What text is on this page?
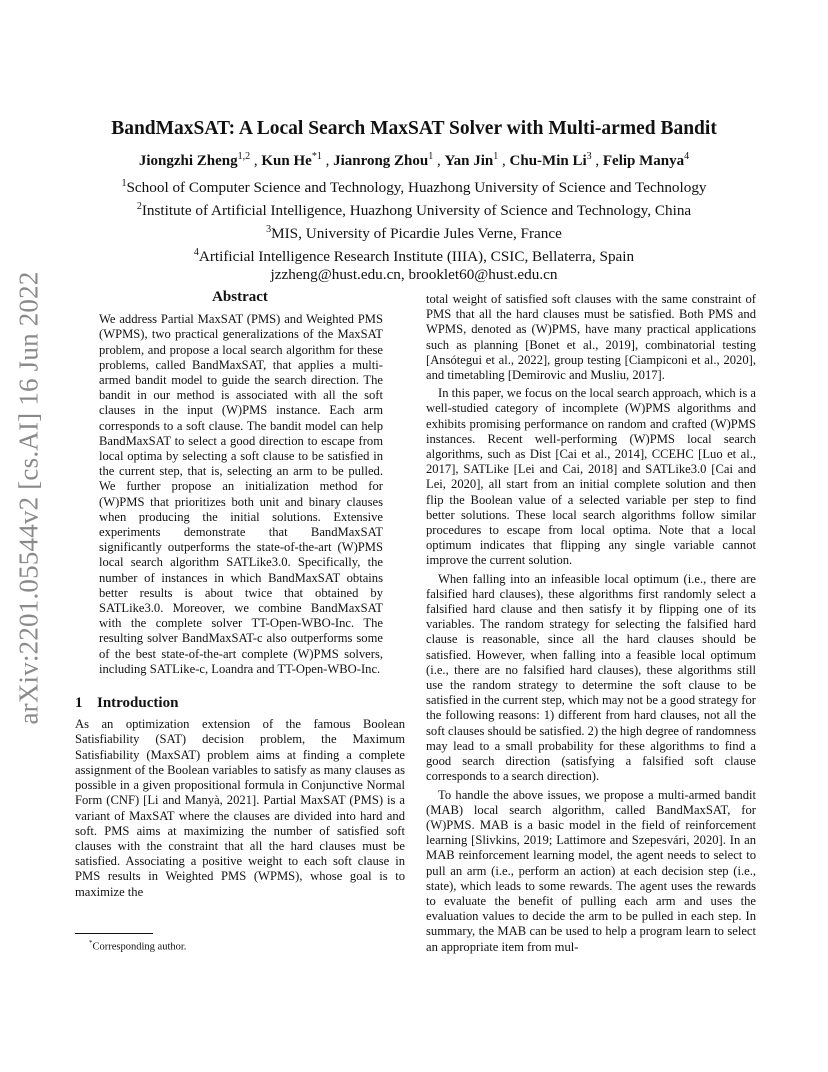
arXiv:2201.05544v2 [cs.AI] 16 Jun 2022
BandMaxSAT: A Local Search MaxSAT Solver with Multi-armed Bandit
Jiongzhi Zheng$^{1,2}$ , Kun He$^{*1}$ , Jianrong Zhou$^1$ , Yan Jin$^1$ , Chu-Min Li$^3$ , Felip Manya$^4$
$^1$School of Computer Science and Technology, Huazhong University of Science and Technology
$^2$Institute of Artificial Intelligence, Huazhong University of Science and Technology, China
$^3$MIS, University of Picardie Jules Verne, France
$^4$Artificial Intelligence Research Institute (IIIA), CSIC, Bellaterra, Spain
jzzheng@hust.edu.cn, brooklet60@hust.edu.cn
Abstract

We address Partial MaxSAT (PMS) and Weighted PMS (WPMS), two practical generalizations of the MaxSAT problem, and propose a local search algorithm for these problems, called BandMaxSAT, that applies a multi-armed bandit model to guide the search direction. The bandit in our method is associated with all the soft clauses in the input (W)PMS instance. Each arm corresponds to a soft clause. The bandit model can help BandMaxSAT to select a good direction to escape from local optima by selecting a soft clause to be satisfied in the current step, that is, selecting an arm to be pulled. We further propose an initialization method for (W)PMS that prioritizes both unit and binary clauses when producing the initial solutions. Extensive experiments demonstrate that BandMaxSAT significantly outperforms the state-of-the-art (W)PMS local search algorithm SATLike3.0. Specifically, the number of instances in which BandMaxSAT obtains better results is about twice that obtained by SATLike3.0. Moreover, we combine BandMaxSAT with the complete solver TT-Open-WBO-Inc. The resulting solver BandMaxSAT-c also outperforms some of the best state-of-the-art complete (W)PMS solvers, including SATLike-c, Loandra and TT-Open-WBO-Inc.

1 Introduction

As an optimization extension of the famous Boolean Satisfiability (SAT) decision problem, the Maximum Satisfiability (MaxSAT) problem aims at finding a complete assignment of the Boolean variables to satisfy as many clauses as possible in a given propositional formula in Conjunctive Normal Form (CNF) [Li and Manyà, 2021]. Partial MaxSAT (PMS) is a variant of MaxSAT where the clauses are divided into hard and soft. PMS aims at maximizing the number of satisfied soft clauses with the constraint that all the hard clauses must be satisfied. Associating a positive weight to each soft clause in PMS results in Weighted PMS (WPMS), whose goal is to maximize the

total weight of satisfied soft clauses with the same constraint of PMS that all the hard clauses must be satisfied. Both PMS and WPMS, denoted as (W)PMS, have many practical applications such as planning [Bonet et al., 2019], combinatorial testing [Ansótegui et al., 2022], group testing [Ciampiconi et al., 2020], and timetabling [Demirovic and Musliu, 2017].

In this paper, we focus on the local search approach, which is a well-studied category of incomplete (W)PMS algorithms and exhibits promising performance on random and crafted (W)PMS instances. Recent well-performing (W)PMS local search algorithms, such as Dist [Cai et al., 2014], CCEHC [Luo et al., 2017], SATLike [Lei and Cai, 2018] and SATLike3.0 [Cai and Lei, 2020], all start from an initial complete solution and then flip the Boolean value of a selected variable per step to find better solutions. These local search algorithms follow similar procedures to escape from local optima. Note that a local optimum indicates that flipping any single variable cannot improve the current solution.

When falling into an infeasible local optimum (i.e., there are falsified hard clauses), these algorithms first randomly select a falsified hard clause and then satisfy it by flipping one of its variables. The random strategy for selecting the falsified hard clause is reasonable, since all the hard clauses should be satisfied. However, when falling into a feasible local optimum (i.e., there are no falsified hard clauses), these algorithms still use the random strategy to determine the soft clause to be satisfied in the current step, which may not be a good strategy for the following reasons: 1) different from hard clauses, not all the soft clauses should be satisfied. 2) the high degree of randomness may lead to a small probability for these algorithms to find a good search direction (satisfying a falsified soft clause corresponds to a search direction).

To handle the above issues, we propose a multi-armed bandit (MAB) local search algorithm, called BandMaxSAT, for (W)PMS. MAB is a basic model in the field of reinforcement learning [Slivkins, 2019; Lattimore and Szepesvári, 2020]. In an MAB reinforcement learning model, the agent needs to select to pull an arm (i.e., perform an action) at each decision step (i.e., state), which leads to some rewards. The agent uses the rewards to evaluate the benefit of pulling each arm and uses the evaluation values to decide the arm to be pulled in each step. In summary, the MAB can be used to help a program learn to select an appropriate item from mul-

*Corresponding author.
